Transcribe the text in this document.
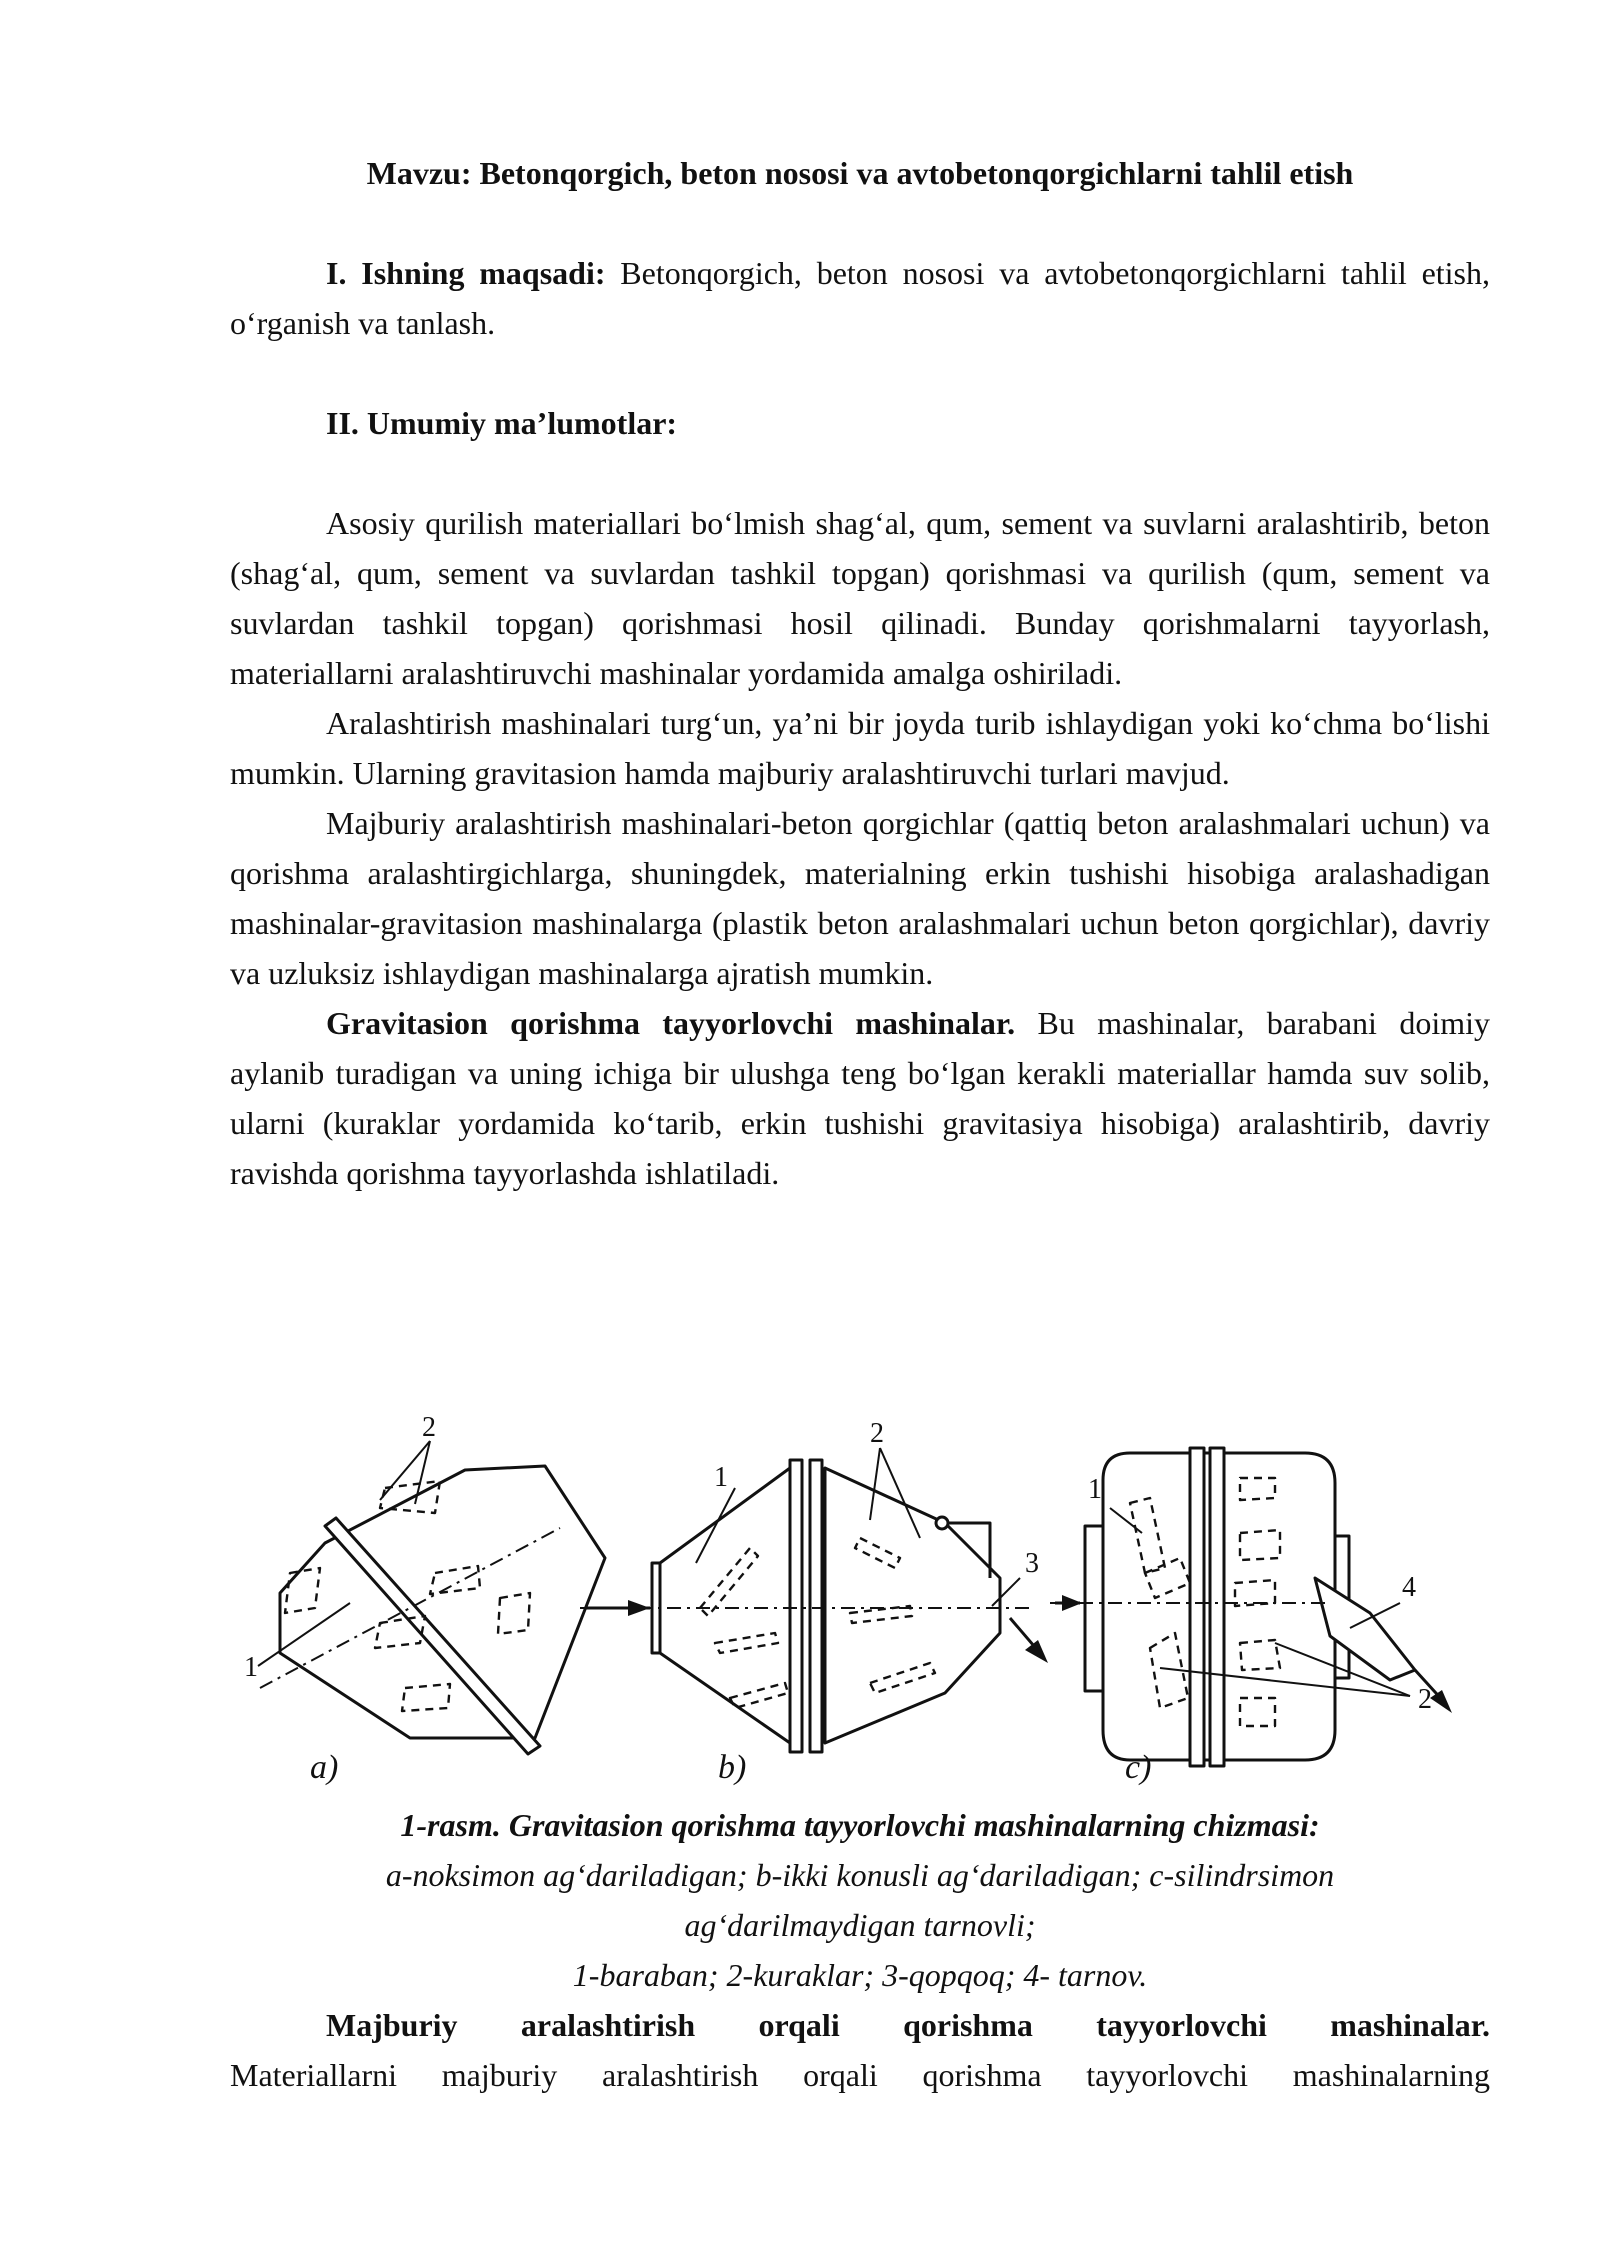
Mavzu: Betonqorgich, beton nososi va avtobetonqorgichlarni tahlil etish

I. Ishning maqsadi: Betonqorgich, beton nososi va avtobetonqorgichlarni tahlil etish, o‘rganish va tanlash.

II. Umumiy ma’lumotlar:

Asosiy qurilish materiallari bo‘lmish shag‘al, qum, sement va suvlarni aralashtirib, beton (shag‘al, qum, sement va suvlardan tashkil topgan) qorishmasi va qurilish (qum, sement va suvlardan tashkil topgan) qorishmasi hosil qilinadi. Bunday qorishmalarni tayyorlash, materiallarni aralashtiruvchi mashinalar yordamida amalga oshiriladi.

Aralashtirish mashinalari turg‘un, ya’ni bir joyda turib ishlaydigan yoki ko‘chma bo‘lishi mumkin. Ularning gravitasion hamda majburiy aralashtiruvchi turlari mavjud.

Majburiy aralashtirish mashinalari-beton qorgichlar (qattiq beton aralashmalari uchun) va qorishma aralashtirgichlarga, shuningdek, materialning erkin tushishi hisobiga aralashadigan mashinalar-gravitasion mashinalarga (plastik beton aralashmalari uchun beton qorgichlar), davriy va uzluksiz ishlaydigan mashinalarga ajratish mumkin.

Gravitasion qorishma tayyorlovchi mashinalar. Bu mashinalar, barabani doimiy aylanib turadigan va uning ichiga bir ulushga teng bo‘lgan kerakli materiallar hamda suv solib, ularni (kuraklar yordamida ko‘tarib, erkin tushishi gravitasiya hisobiga) aralashtirib, davriy ravishda qorishma tayyorlashda ishlatiladi.

2
1
a)
1
2
3
b)
1
4
2
c)
1-rasm. Gravitasion qorishma tayyorlovchi mashinalarning chizmasi:
a-noksimon ag‘dariladigan; b-ikki konusli ag‘dariladigan; c-silindrsimon
ag‘darilmaydigan tarnovli;
1-baraban; 2-kuraklar; 3-qopqoq; 4- tarnov.

Majburiy aralashtirish orqali qorishma tayyorlovchi mashinalar.

Materiallarni majburiy aralashtirish orqali qorishma tayyorlovchi mashinalarning
